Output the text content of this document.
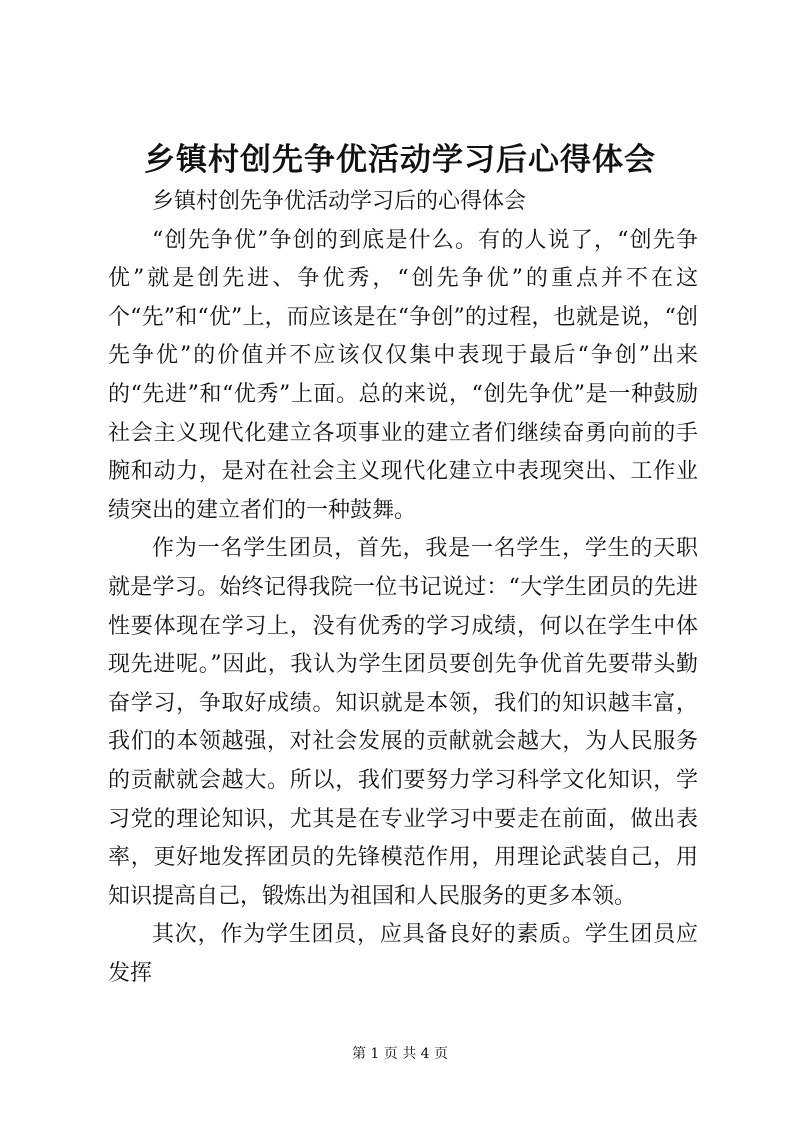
乡镇村创先争优活动学习后心得体会

乡镇村创先争优活动学习后的心得体会

“创先争优”争创的到底是什么。有的人说了，“创先争优”就是创先进、争优秀，“创先争优”的重点并不在这个“先”和“优”上，而应该是在“争创”的过程，也就是说，“创先争优”的价值并不应该仅仅集中表现于最后“争创”出来的“先进”和“优秀”上面。总的来说，“创先争优”是一种鼓励社会主义现代化建立各项事业的建立者们继续奋勇向前的手腕和动力，是对在社会主义现代化建立中表现突出、工作业绩突出的建立者们的一种鼓舞。

作为一名学生团员，首先，我是一名学生，学生的天职就是学习。始终记得我院一位书记说过：“大学生团员的先进性要体现在学习上，没有优秀的学习成绩，何以在学生中体现先进呢。”因此，我认为学生团员要创先争优首先要带头勤奋学习，争取好成绩。知识就是本领，我们的知识越丰富，我们的本领越强，对社会发展的贡献就会越大，为人民服务的贡献就会越大。所以，我们要努力学习科学文化知识，学习党的理论知识，尤其是在专业学习中要走在前面，做出表率，更好地发挥团员的先锋模范作用，用理论武装自己，用知识提高自己，锻炼出为祖国和人民服务的更多本领。

其次，作为学生团员，应具备良好的素质。学生团员应发挥

第 1 页 共 4 页
